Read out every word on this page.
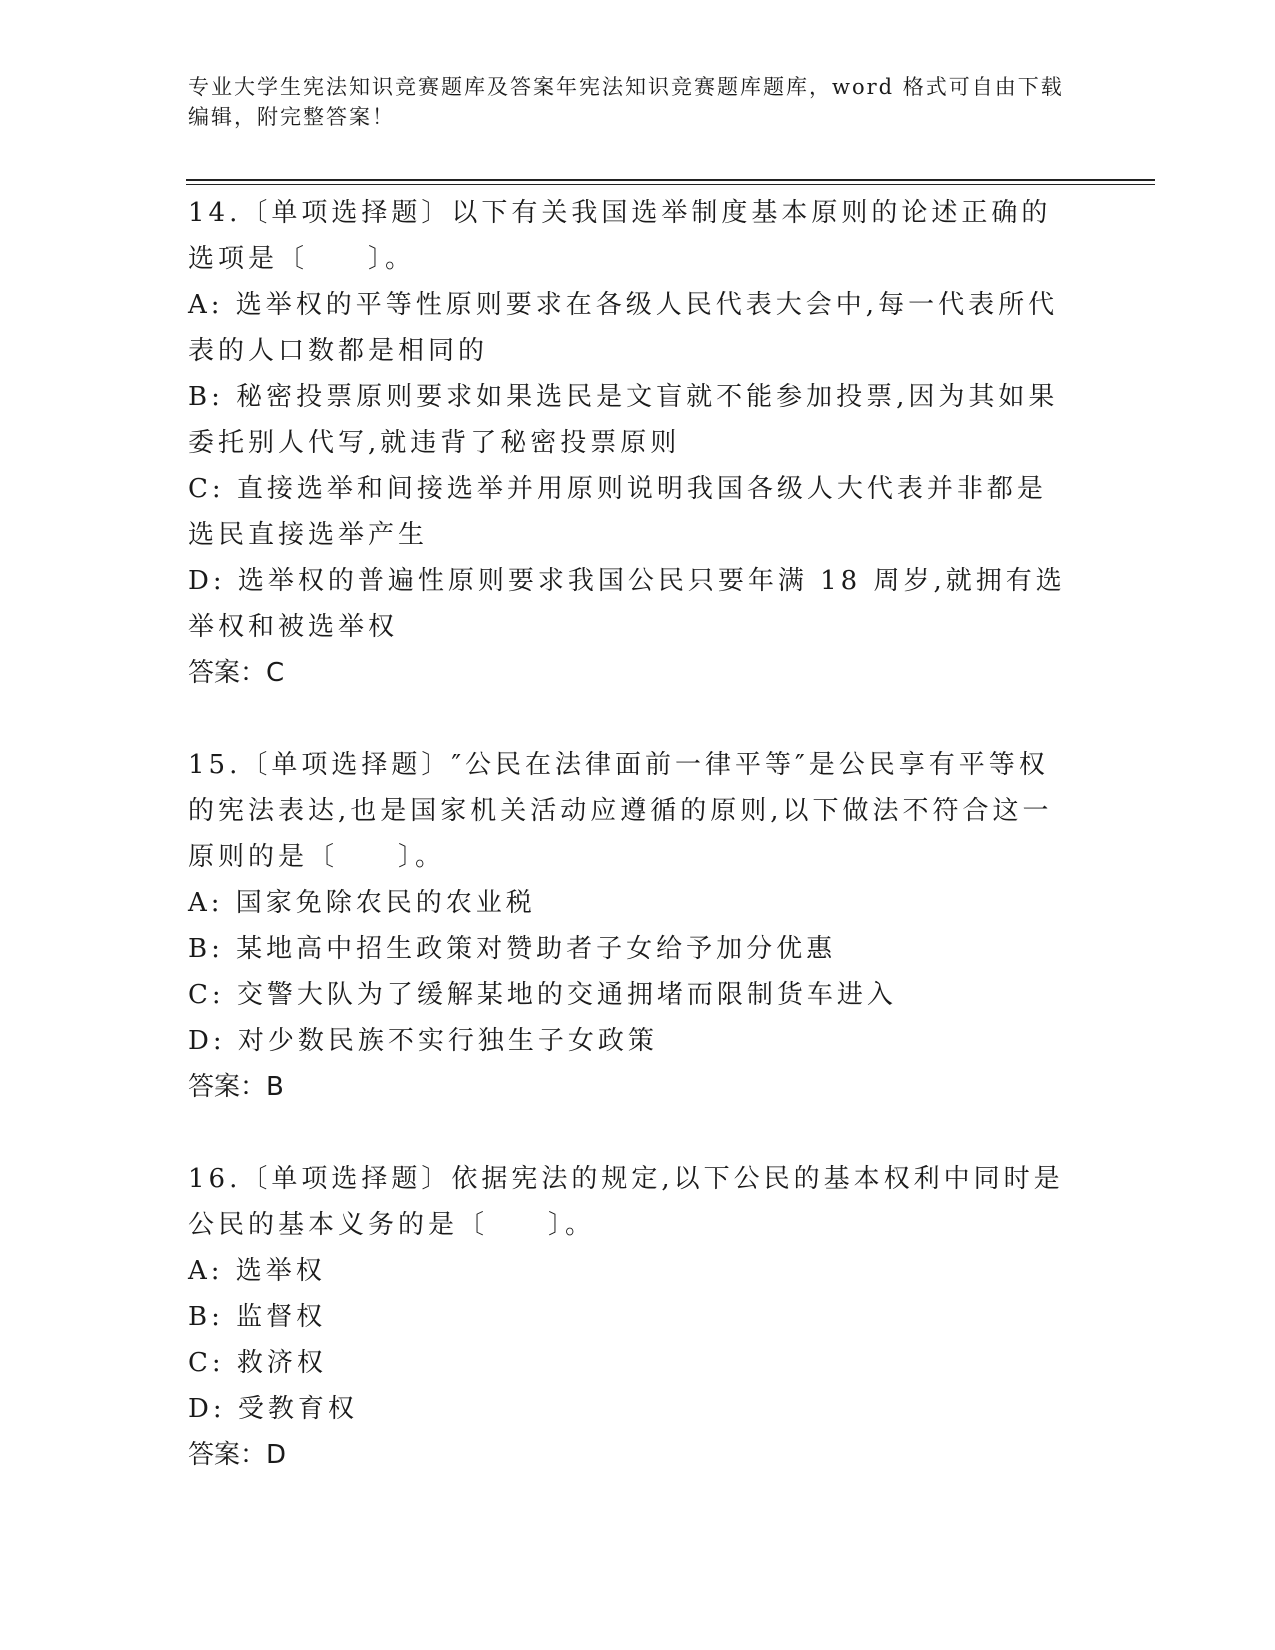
专业大学生宪法知识竞赛题库及答案年宪法知识竞赛题库题库，word 格式可自由下载编辑，附完整答案！

14.〔单项选择题〕以下有关我国选举制度基本原则的论述正确的选项是〔　　〕。

A: 选举权的平等性原则要求在各级人民代表大会中,每一代表所代表的人口数都是相同的

B: 秘密投票原则要求如果选民是文盲就不能参加投票,因为其如果委托别人代写,就违背了秘密投票原则

C: 直接选举和间接选举并用原则说明我国各级人大代表并非都是选民直接选举产生

D: 选举权的普遍性原则要求我国公民只要年满 18 周岁,就拥有选举权和被选举权

答案：C

15.〔单项选择题〕″公民在法律面前一律平等″是公民享有平等权的宪法表达,也是国家机关活动应遵循的原则,以下做法不符合这一原则的是〔　　〕。

A: 国家免除农民的农业税

B: 某地高中招生政策对赞助者子女给予加分优惠

C: 交警大队为了缓解某地的交通拥堵而限制货车进入

D: 对少数民族不实行独生子女政策

答案：B

16.〔单项选择题〕依据宪法的规定,以下公民的基本权利中同时是公民的基本义务的是〔　　〕。

A: 选举权

B: 监督权

C: 救济权

D: 受教育权

答案：D
